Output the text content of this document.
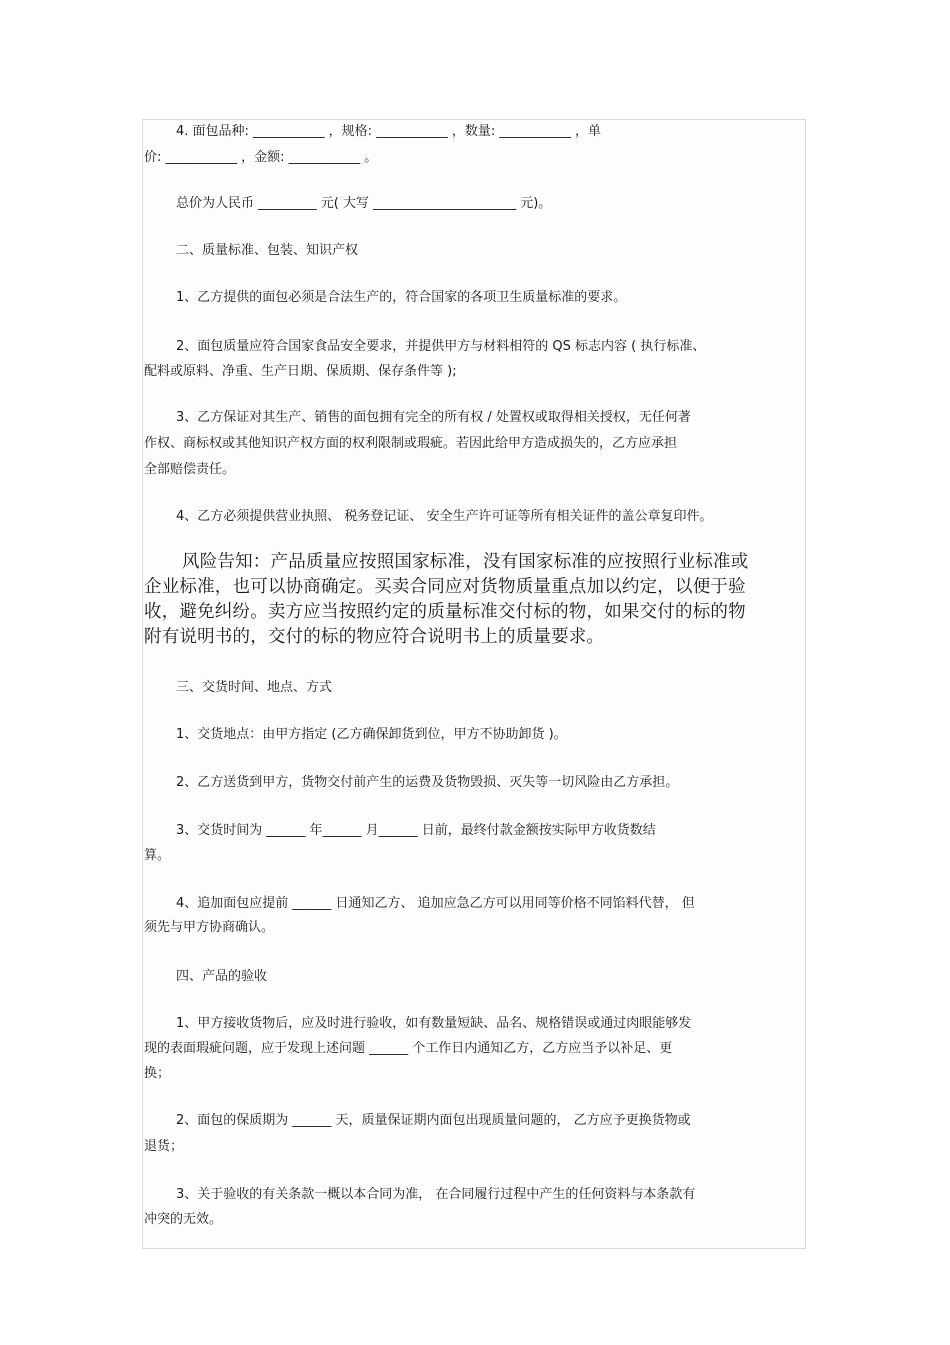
4. 面包品种: ___________ ，规格: ___________ ，数量: ___________ ，单
价: ___________ ，金额: ___________ 。
总价为人民币 _________ 元( 大写 ______________________ 元)。
二、质量标准、包装、知识产权
1、乙方提供的面包必须是合法生产的，符合国家的各项卫生质量标准的要求。
2、面包质量应符合国家食品安全要求，并提供甲方与材料相符的 QS 标志内容 ( 执行标准、
配料或原料、净重、生产日期、保质期、保存条件等 );
3、乙方保证对其生产、销售的面包拥有完全的所有权 / 处置权或取得相关授权，无任何著
作权、商标权或其他知识产权方面的权利限制或瑕疵。若因此给甲方造成损失的，乙方应承担
全部赔偿责任。
4、乙方必须提供营业执照、 税务登记证、 安全生产许可证等所有相关证件的盖公章复印件。
风险告知：产品质量应按照国家标准，没有国家标准的应按照行业标准或
企业标准，也可以协商确定。买卖合同应对货物质量重点加以约定，以便于验
收，避免纠纷。卖方应当按照约定的质量标准交付标的物，如果交付的标的物
附有说明书的，交付的标的物应符合说明书上的质量要求。
三、交货时间、地点、方式
1、交货地点：由甲方指定 (乙方确保卸货到位，甲方不协助卸货 )。
2、乙方送货到甲方，货物交付前产生的运费及货物毁损、灭失等一切风险由乙方承担。
3、交货时间为 ______ 年______ 月______ 日前，最终付款金额按实际甲方收货数结
算。
4、追加面包应提前 ______ 日通知乙方、 追加应急乙方可以用同等价格不同馅料代替， 但
须先与甲方协商确认。
四、产品的验收
1、甲方接收货物后，应及时进行验收，如有数量短缺、品名、规格错误或通过肉眼能够发
现的表面瑕疵问题，应于发现上述问题 ______ 个工作日内通知乙方，乙方应当予以补足、更
换；
2、面包的保质期为 ______ 天，质量保证期内面包出现质量问题的， 乙方应予更换货物或
退货；
3、关于验收的有关条款一概以本合同为准， 在合同履行过程中产生的任何资料与本条款有
冲突的无效。
